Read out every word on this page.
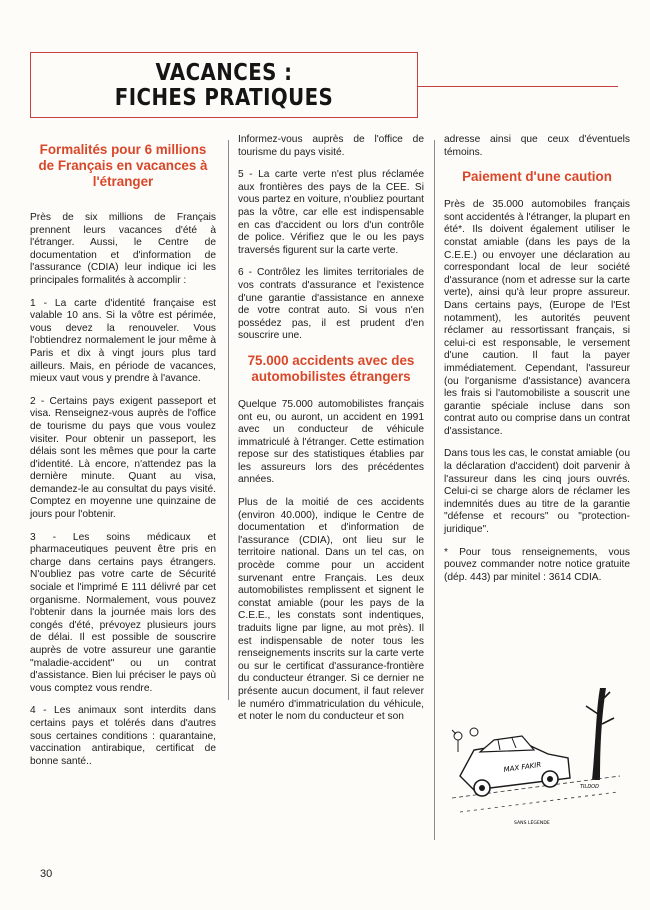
VACANCES :
FICHES PRATIQUES
Formalités pour 6 millions de Français en vacances à l'étranger

Près de six millions de Français prennent leurs vacances d'été à l'étranger. Aussi, le Centre de documentation et d'information de l'assurance (CDIA) leur indique ici les principales formalités à accomplir :

1 - La carte d'identité française est valable 10 ans. Si la vôtre est périmée, vous devez la renouveler. Vous l'obtiendrez normalement le jour même à Paris et dix à vingt jours plus tard ailleurs. Mais, en période de vacances, mieux vaut vous y prendre à l'avance.

2 - Certains pays exigent passeport et visa. Renseignez-vous auprès de l'office de tourisme du pays que vous voulez visiter. Pour obtenir un passeport, les délais sont les mêmes que pour la carte d'identité. Là encore, n'attendez pas la dernière minute. Quant au visa, demandez-le au consultat du pays visité. Comptez en moyenne une quinzaine de jours pour l'obtenir.

3 - Les soins médicaux et pharmaceutiques peuvent être pris en charge dans certains pays étrangers. N'oubliez pas votre carte de Sécurité sociale et l'imprimé E 111 délivré par cet organisme. Normalement, vous pouvez l'obtenir dans la journée mais lors des congés d'été, prévoyez plusieurs jours de délai. Il est possible de souscrire auprès de votre assureur une garantie "maladie-accident" ou un contrat d'assistance. Bien lui préciser le pays où vous comptez vous rendre.

4 - Les animaux sont interdits dans certains pays et tolérés dans d'autres sous certaines conditions : quarantaine, vaccination antirabique, certificat de bonne santé..

Informez-vous auprès de l'office de tourisme du pays visité.

5 - La carte verte n'est plus réclamée aux frontières des pays de la CEE. Si vous partez en voiture, n'oubliez pourtant pas la vôtre, car elle est indispensable en cas d'accident ou lors d'un contrôle de police. Vérifiez que le ou les pays traversés figurent sur la carte verte.

6 - Contrôlez les limites territoriales de vos contrats d'assurance et l'existence d'une garantie d'assistance en annexe de votre contrat auto. Si vous n'en possédez pas, il est prudent d'en souscrire une.

75.000 accidents avec des automobilistes étrangers

Quelque 75.000 automobilistes français ont eu, ou auront, un accident en 1991 avec un conducteur de véhicule immatriculé à l'étranger. Cette estimation repose sur des statistiques établies par les assureurs lors des précédentes années.

Plus de la moitié de ces accidents (environ 40.000), indique le Centre de documentation et d'information de l'assurance (CDIA), ont lieu sur le territoire national. Dans un tel cas, on procède comme pour un accident survenant entre Français. Les deux automobilistes remplissent et signent le constat amiable (pour les pays de la C.E.E., les constats sont indentiques, traduits ligne par ligne, au mot près). Il est indispensable de noter tous les renseignements inscrits sur la carte verte ou sur le certificat d'assurance-frontière du conducteur étranger. Si ce dernier ne présente aucun document, il faut relever le numéro d'immatriculation du véhicule, et noter le nom du conducteur et son

adresse ainsi que ceux d'éventuels témoins.

Paiement d'une caution

Près de 35.000 automobiles français sont accidentés à l'étranger, la plupart en été*. Ils doivent également utiliser le constat amiable (dans les pays de la C.E.E.) ou envoyer une déclaration au correspondant local de leur société d'assurance (nom et adresse sur la carte verte), ainsi qu'à leur propre assureur. Dans certains pays, (Europe de l'Est notamment), les autorités peuvent réclamer au ressortissant français, si celui-ci est responsable, le versement d'une caution. Il faut la payer immédiatement. Cependant, l'assureur (ou l'organisme d'assistance) avancera les frais si l'automobiliste a souscrit une garantie spéciale incluse dans son contrat auto ou comprise dans un contrat d'assistance.

Dans tous les cas, le constat amiable (ou la déclaration d'accident) doit parvenir à l'assureur dans les cinq jours ouvrés. Celui-ci se charge alors de réclamer les indemnités dues au titre de la garantie "défense et recours" ou "protection-juridique".

* Pour tous renseignements, vous pouvez commander notre notice gratuite (dép. 443) par minitel : 3614 CDIA.

MAX FAKIR
TILDOD
SANS LÉGENDE
30
